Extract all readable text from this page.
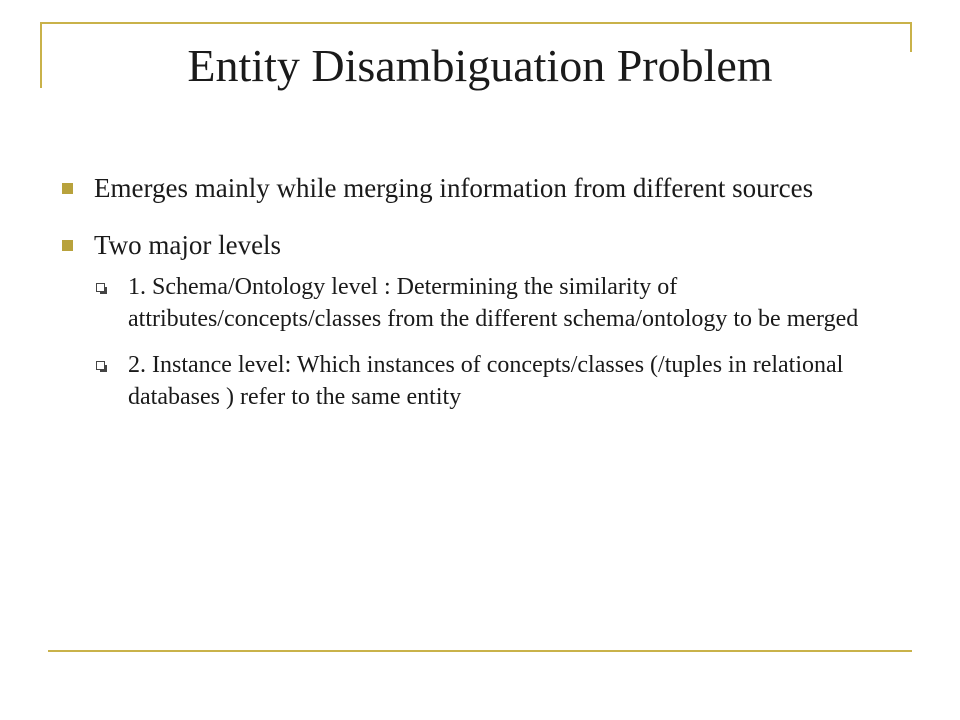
Entity Disambiguation Problem
Emerges mainly while merging information from different sources
Two major levels
1. Schema/Ontology level : Determining the similarity of attributes/concepts/classes from the different schema/ontology to be merged
2. Instance level: Which instances of concepts/classes (/tuples in relational databases ) refer to the same entity
